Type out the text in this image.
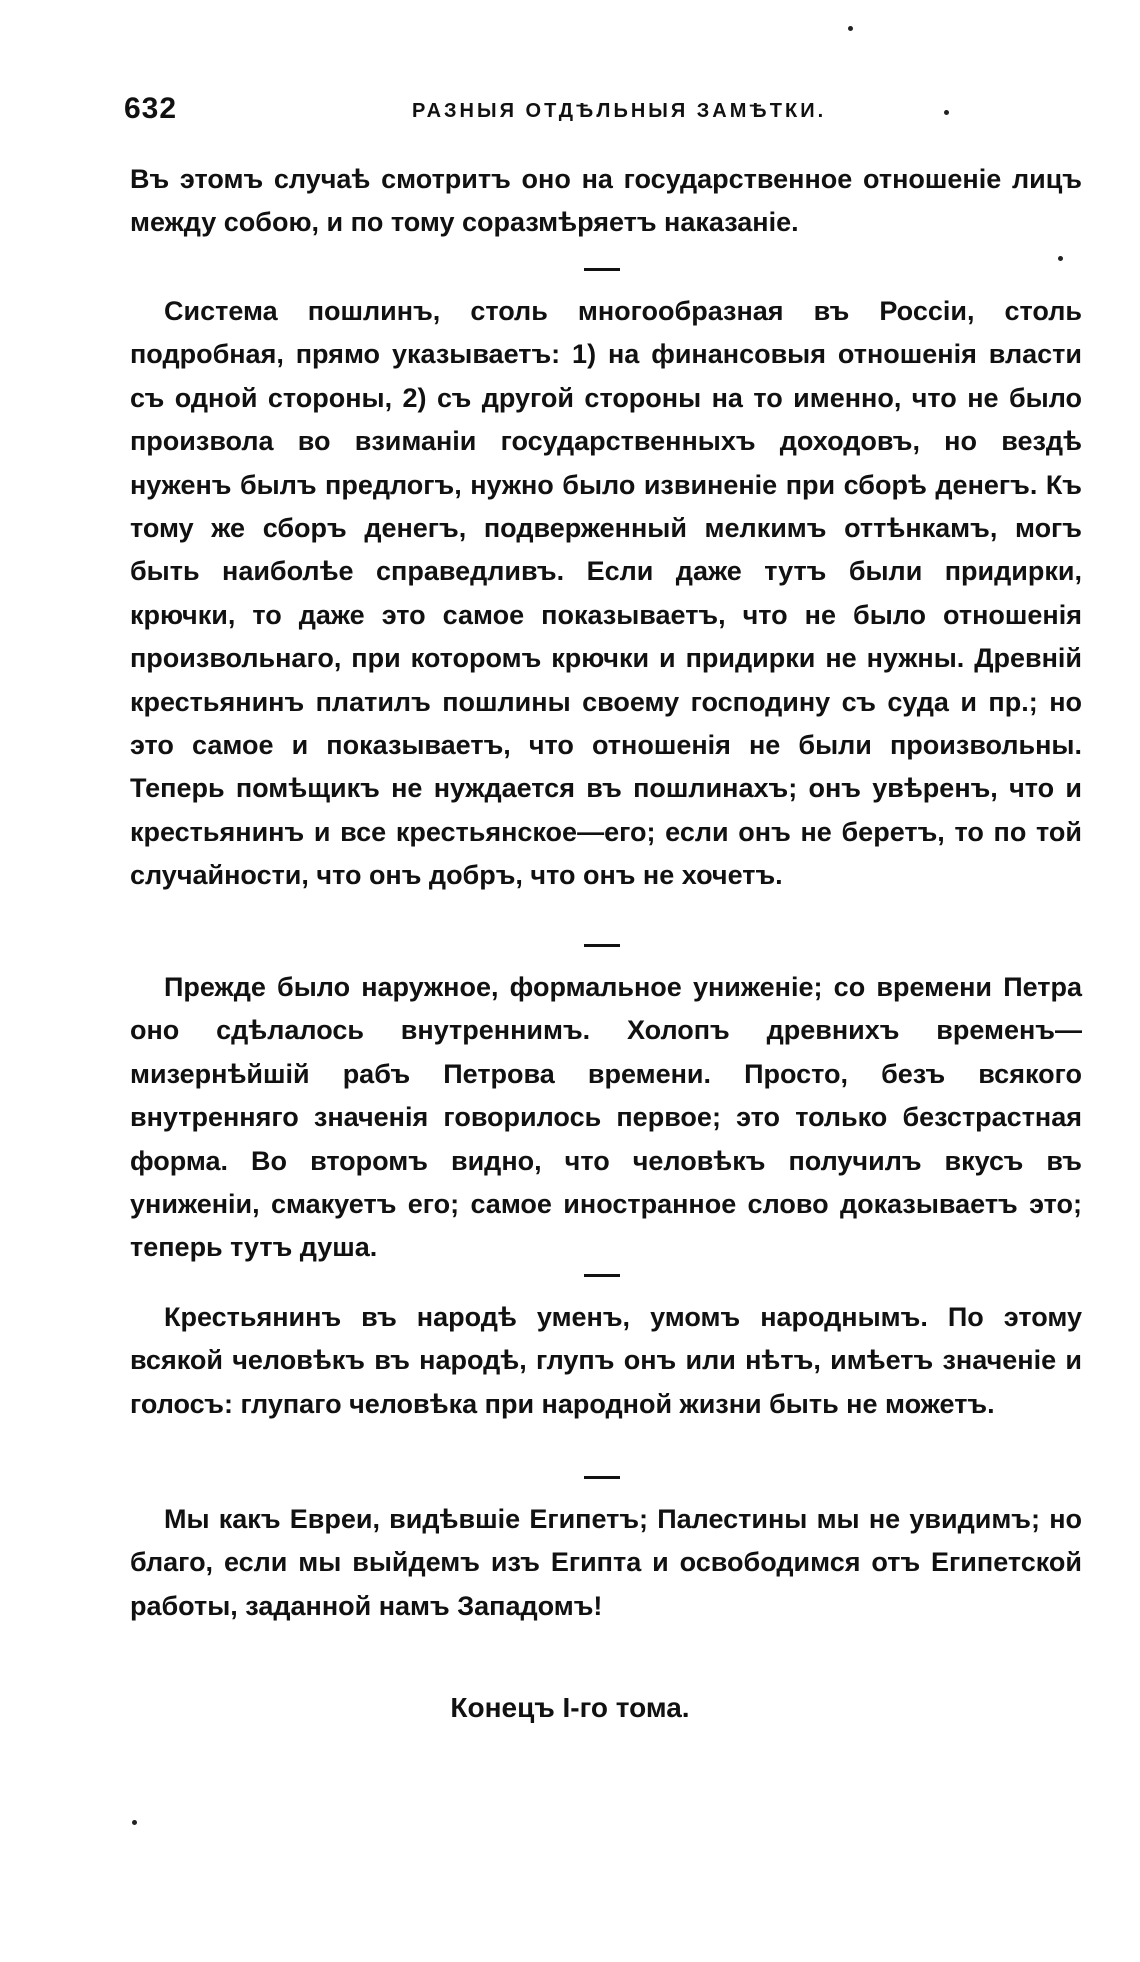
632	РАЗНЫЯ ОТДѢЛЬНЫЯ ЗАМѢТКИ.

Въ этомъ случаѣ смотритъ оно на государственное отношеніе лицъ между собою, и по тому соразмѣряетъ наказаніе.

Система пошлинъ, столь многообразная въ Россіи, столь подробная, прямо указываетъ: 1) на финансовыя отношенія власти съ одной стороны, 2) съ другой стороны на то именно, что не было произвола во взиманіи государственныхъ доходовъ, но вездѣ нуженъ былъ предлогъ, нужно было извиненіе при сборѣ денегъ. Къ тому же сборъ денегъ, подверженный мелкимъ оттѣнкамъ, могъ быть наиболѣе справедливъ. Если даже тутъ были придирки, крючки, то даже это самое показываетъ, что не было отношенія произвольнаго, при которомъ крючки и придирки не нужны. Древній крестьянинъ платилъ пошлины своему господину съ суда и пр.; но это самое и показываетъ, что отношенія не были произвольны. Теперь помѣщикъ не нуждается въ пошлинахъ; онъ увѣренъ, что и крестьянинъ и все крестьянское—его; если онъ не беретъ, то по той случайности, что онъ добръ, что онъ не хочетъ.

Прежде было наружное, формальное униженіе; со времени Петра оно сдѣлалось внутреннимъ. Холопъ древнихъ временъ—мизернѣйшій рабъ Петрова времени. Просто, безъ всякого внутренняго значенія говорилось первое; это только безстрастная форма. Во второмъ видно, что человѣкъ получилъ вкусъ въ униженіи, смакуетъ его; самое иностранное слово доказываетъ это; теперь тутъ душа.

Крестьянинъ въ народѣ уменъ, умомъ народнымъ. По этому всякой человѣкъ въ народѣ, глупъ онъ или нѣтъ, имѣетъ значеніе и голосъ: глупаго человѣка при народной жизни быть не можетъ.

Мы какъ Евреи, видѣвшіе Египетъ; Палестины мы не увидимъ; но благо, если мы выйдемъ изъ Египта и освободимся отъ Египетской работы, заданной намъ Западомъ!

Конецъ I-го тома.
